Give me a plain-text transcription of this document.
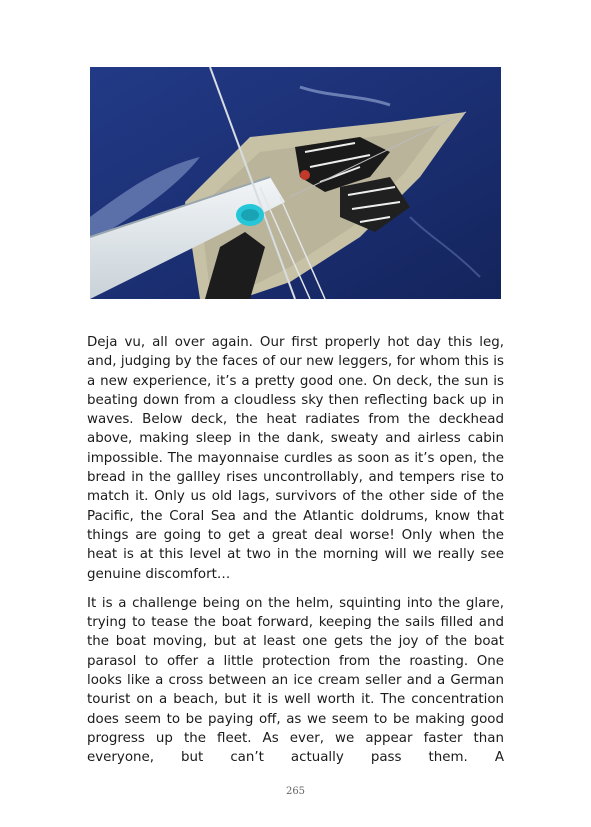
Deja vu, all over again. Our first properly hot day this leg, and, judging by the faces of our new leggers, for whom this is a new experience, it’s a pretty good one. On deck, the sun is beating down from a cloudless sky then reflecting back up in waves. Below deck, the heat radiates from the deckhead above, making sleep in the dank, sweaty and airless cabin impossible. The mayonnaise curdles as soon as it’s open, the bread in the gallley rises uncontrollably, and tempers rise to match it. Only us old lags, survivors of the other side of the Pacific, the Coral Sea and the Atlantic doldrums, know that things are going to get a great deal worse! Only when the heat is at this level at two in the morning will we really see genuine discomfort…

It is a challenge being on the helm, squinting into the glare, trying to tease the boat forward, keeping the sails filled and the boat moving, but at least one gets the joy of the boat parasol to offer a little protection from the roasting. One looks like a cross between an ice cream seller and a German tourist on a beach, but it is well worth it. The concentration does seem to be paying off, as we seem to be making good progress up the fleet. As ever, we appear faster than everyone, but can’t actually pass them. A

265
